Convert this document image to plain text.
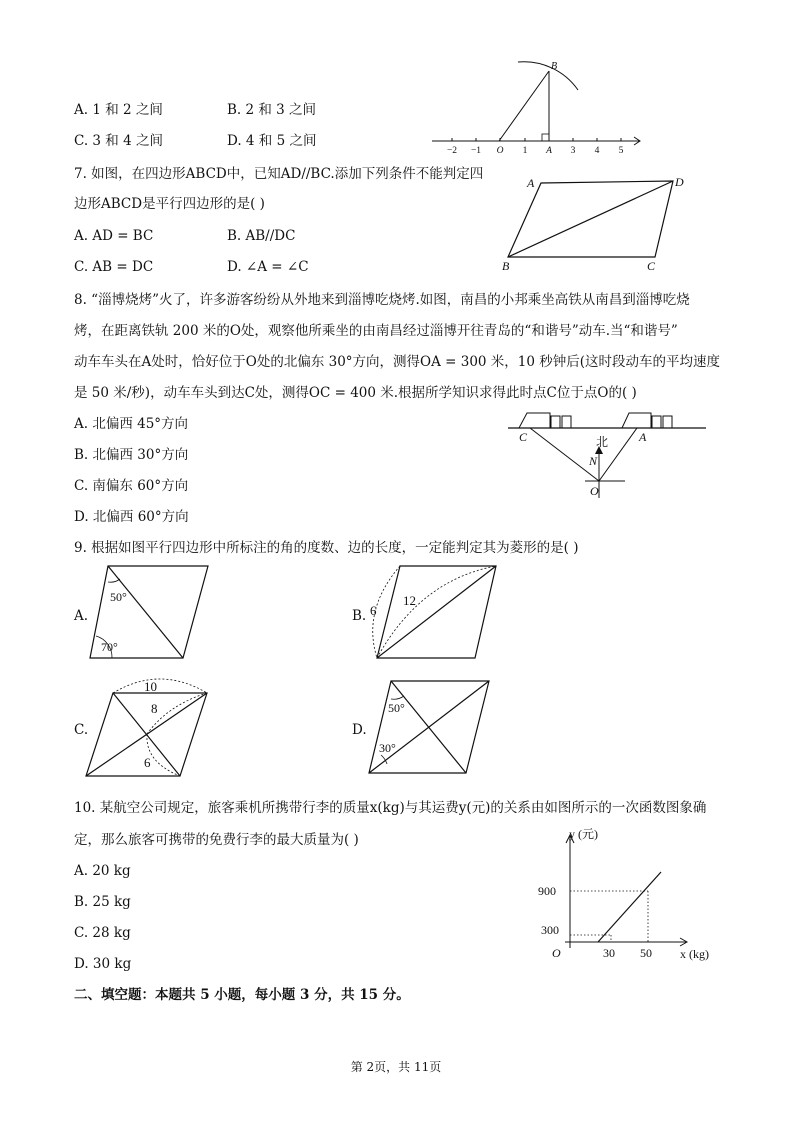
A. 1 和 2 之间	B. 2 和 3 之间
C. 3 和 4 之间	D. 4 和 5 之间
B
−2 −1 O 1 A 3 4 5
7. 如图，在四边形ABCD中，已知AD//BC.添加下列条件不能判定四
边形ABCD是平行四边形的是( )
A. AD = BC	B. AB//DC
C. AB = DC	D. ∠A = ∠C
A	D
B	C
8. “淄博烧烤”火了，许多游客纷纷从外地来到淄博吃烧烤.如图，南昌的小邦乘坐高铁从南昌到淄博吃烧
烤，在距离铁轨 200 米的O处，观察他所乘坐的由南昌经过淄博开往青岛的“和谐号”动车.当“和谐号”
动车车头在A处时，恰好位于O处的北偏东 30°方向，测得OA = 300 米，10 秒钟后(这时段动车的平均速度
是 50 米/秒)，动车车头到达C处，测得OC = 400 米.根据所学知识求得此时点C位于点O的( )
A. 北偏西 45°方向
B. 北偏西 30°方向
C. 南偏东 60°方向
D. 北偏西 60°方向
C	A
N
O
北
9. 根据如图平行四边形中所标注的角的度数、边的长度，一定能判定其为菱形的是( )
A.	B.
C.	D.
50°
70°
6
12
10
8
6
50°
30°
10. 某航空公司规定，旅客乘机所携带行李的质量x(kg)与其运费y(元)的关系由如图所示的一次函数图象确
定，那么旅客可携带的免费行李的最大质量为( )
A. 20 kg
B. 25 kg
C. 28 kg
D. 30 kg
y (元)
x (kg)
O
900
300
30 50
二、填空题：本题共 5 小题，每小题 3 分，共 15 分。
第 2页，共 11页
